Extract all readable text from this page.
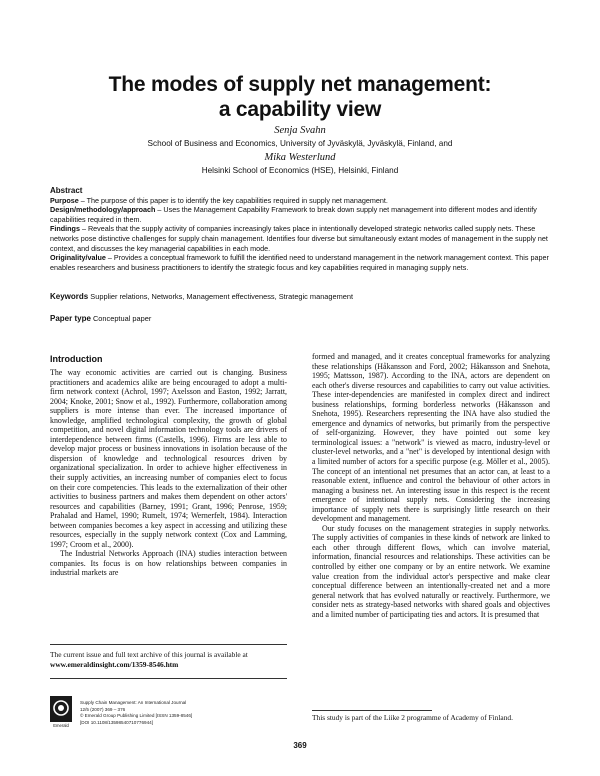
The modes of supply net management:
a capability view
Senja Svahn
School of Business and Economics, University of Jyväskylä, Jyväskylä, Finland, and
Mika Westerlund
Helsinki School of Economics (HSE), Helsinki, Finland
Abstract
Purpose – The purpose of this paper is to identify the key capabilities required in supply net management.
Design/methodology/approach – Uses the Management Capability Framework to break down supply net management into different modes and identify capabilities required in them.
Findings – Reveals that the supply activity of companies increasingly takes place in intentionally developed strategic networks called supply nets. These networks pose distinctive challenges for supply chain management. Identifies four diverse but simultaneously extant modes of management in the supply net context, and discusses the key managerial capabilities in each mode.
Originality/value – Provides a conceptual framework to fulfill the identified need to understand management in the network management context. This paper enables researchers and business practitioners to identify the strategic focus and key capabilities required in managing supply nets.
Keywords Supplier relations, Networks, Management effectiveness, Strategic management
Paper type Conceptual paper
Introduction

The way economic activities are carried out is changing. Business practitioners and academics alike are being encouraged to adopt a multi-firm network context (Achrol, 1997; Axelsson and Easton, 1992; Jarratt, 2004; Knoke, 2001; Snow et al., 1992). Furthermore, collaboration among suppliers is more intense than ever. The increased importance of knowledge, amplified technological complexity, the growth of global competition, and novel digital information technology tools are drivers of interdependence between firms (Castells, 1996). Firms are less able to develop major process or business innovations in isolation because of the dispersion of knowledge and technological resources driven by organizational specialization. In order to achieve higher effectiveness in their supply activities, an increasing number of companies elect to focus on their core competencies. This leads to the externalization of their other activities to business partners and makes them dependent on other actors' resources and capabilities (Barney, 1991; Grant, 1996; Penrose, 1959; Prahalad and Hamel, 1990; Rumelt, 1974; Wernerfelt, 1984). Interaction between companies becomes a key aspect in accessing and utilizing these resources, especially in the supply network context (Cox and Lamming, 1997; Croom et al., 2000).

The Industrial Networks Approach (INA) studies interaction between companies. Its focus is on how relationships between companies in industrial markets are

formed and managed, and it creates conceptual frameworks for analyzing these relationships (Håkansson and Ford, 2002; Håkansson and Snehota, 1995; Mattsson, 1987). According to the INA, actors are dependent on each other's diverse resources and capabilities to carry out value activities. These inter-dependencies are manifested in complex direct and indirect business relationships, forming borderless networks (Håkansson and Snehota, 1995). Researchers representing the INA have also studied the emergence and dynamics of networks, but primarily from the perspective of self-organizing. However, they have pointed out some key terminological issues: a "network" is viewed as macro, industry-level or cluster-level networks, and a "net" is developed by intentional design with a limited number of actors for a specific purpose (e.g. Möller et al., 2005). The concept of an intentional net presumes that an actor can, at least to a reasonable extent, influence and control the behaviour of other actors in managing a business net. An interesting issue in this respect is the recent emergence of intentional supply nets. Considering the increasing importance of supply nets there is surprisingly little research on their development and management.

Our study focuses on the management strategies in supply networks. The supply activities of companies in these kinds of network are linked to each other through different flows, which can involve material, information, financial resources and relationships. These activities can be controlled by either one company or by an entire network. We examine value creation from the individual actor's perspective and make clear conceptual difference between an intentionally-created net and a more general network that has evolved naturally or reactively. Furthermore, we consider nets as strategy-based networks with shared goals and objectives and a limited number of participating ties and actors. It is presumed that

The current issue and full text archive of this journal is available at
www.emeraldinsight.com/1359-8546.htm
Emerald
Supply Chain Management: An International Journal
12/5 (2007) 369 – 376
© Emerald Group Publishing Limited [ISSN 1359-8546]
[DOI 10.1108/13598540710776944]
This study is part of the Liike 2 programme of Academy of Finland.
369
